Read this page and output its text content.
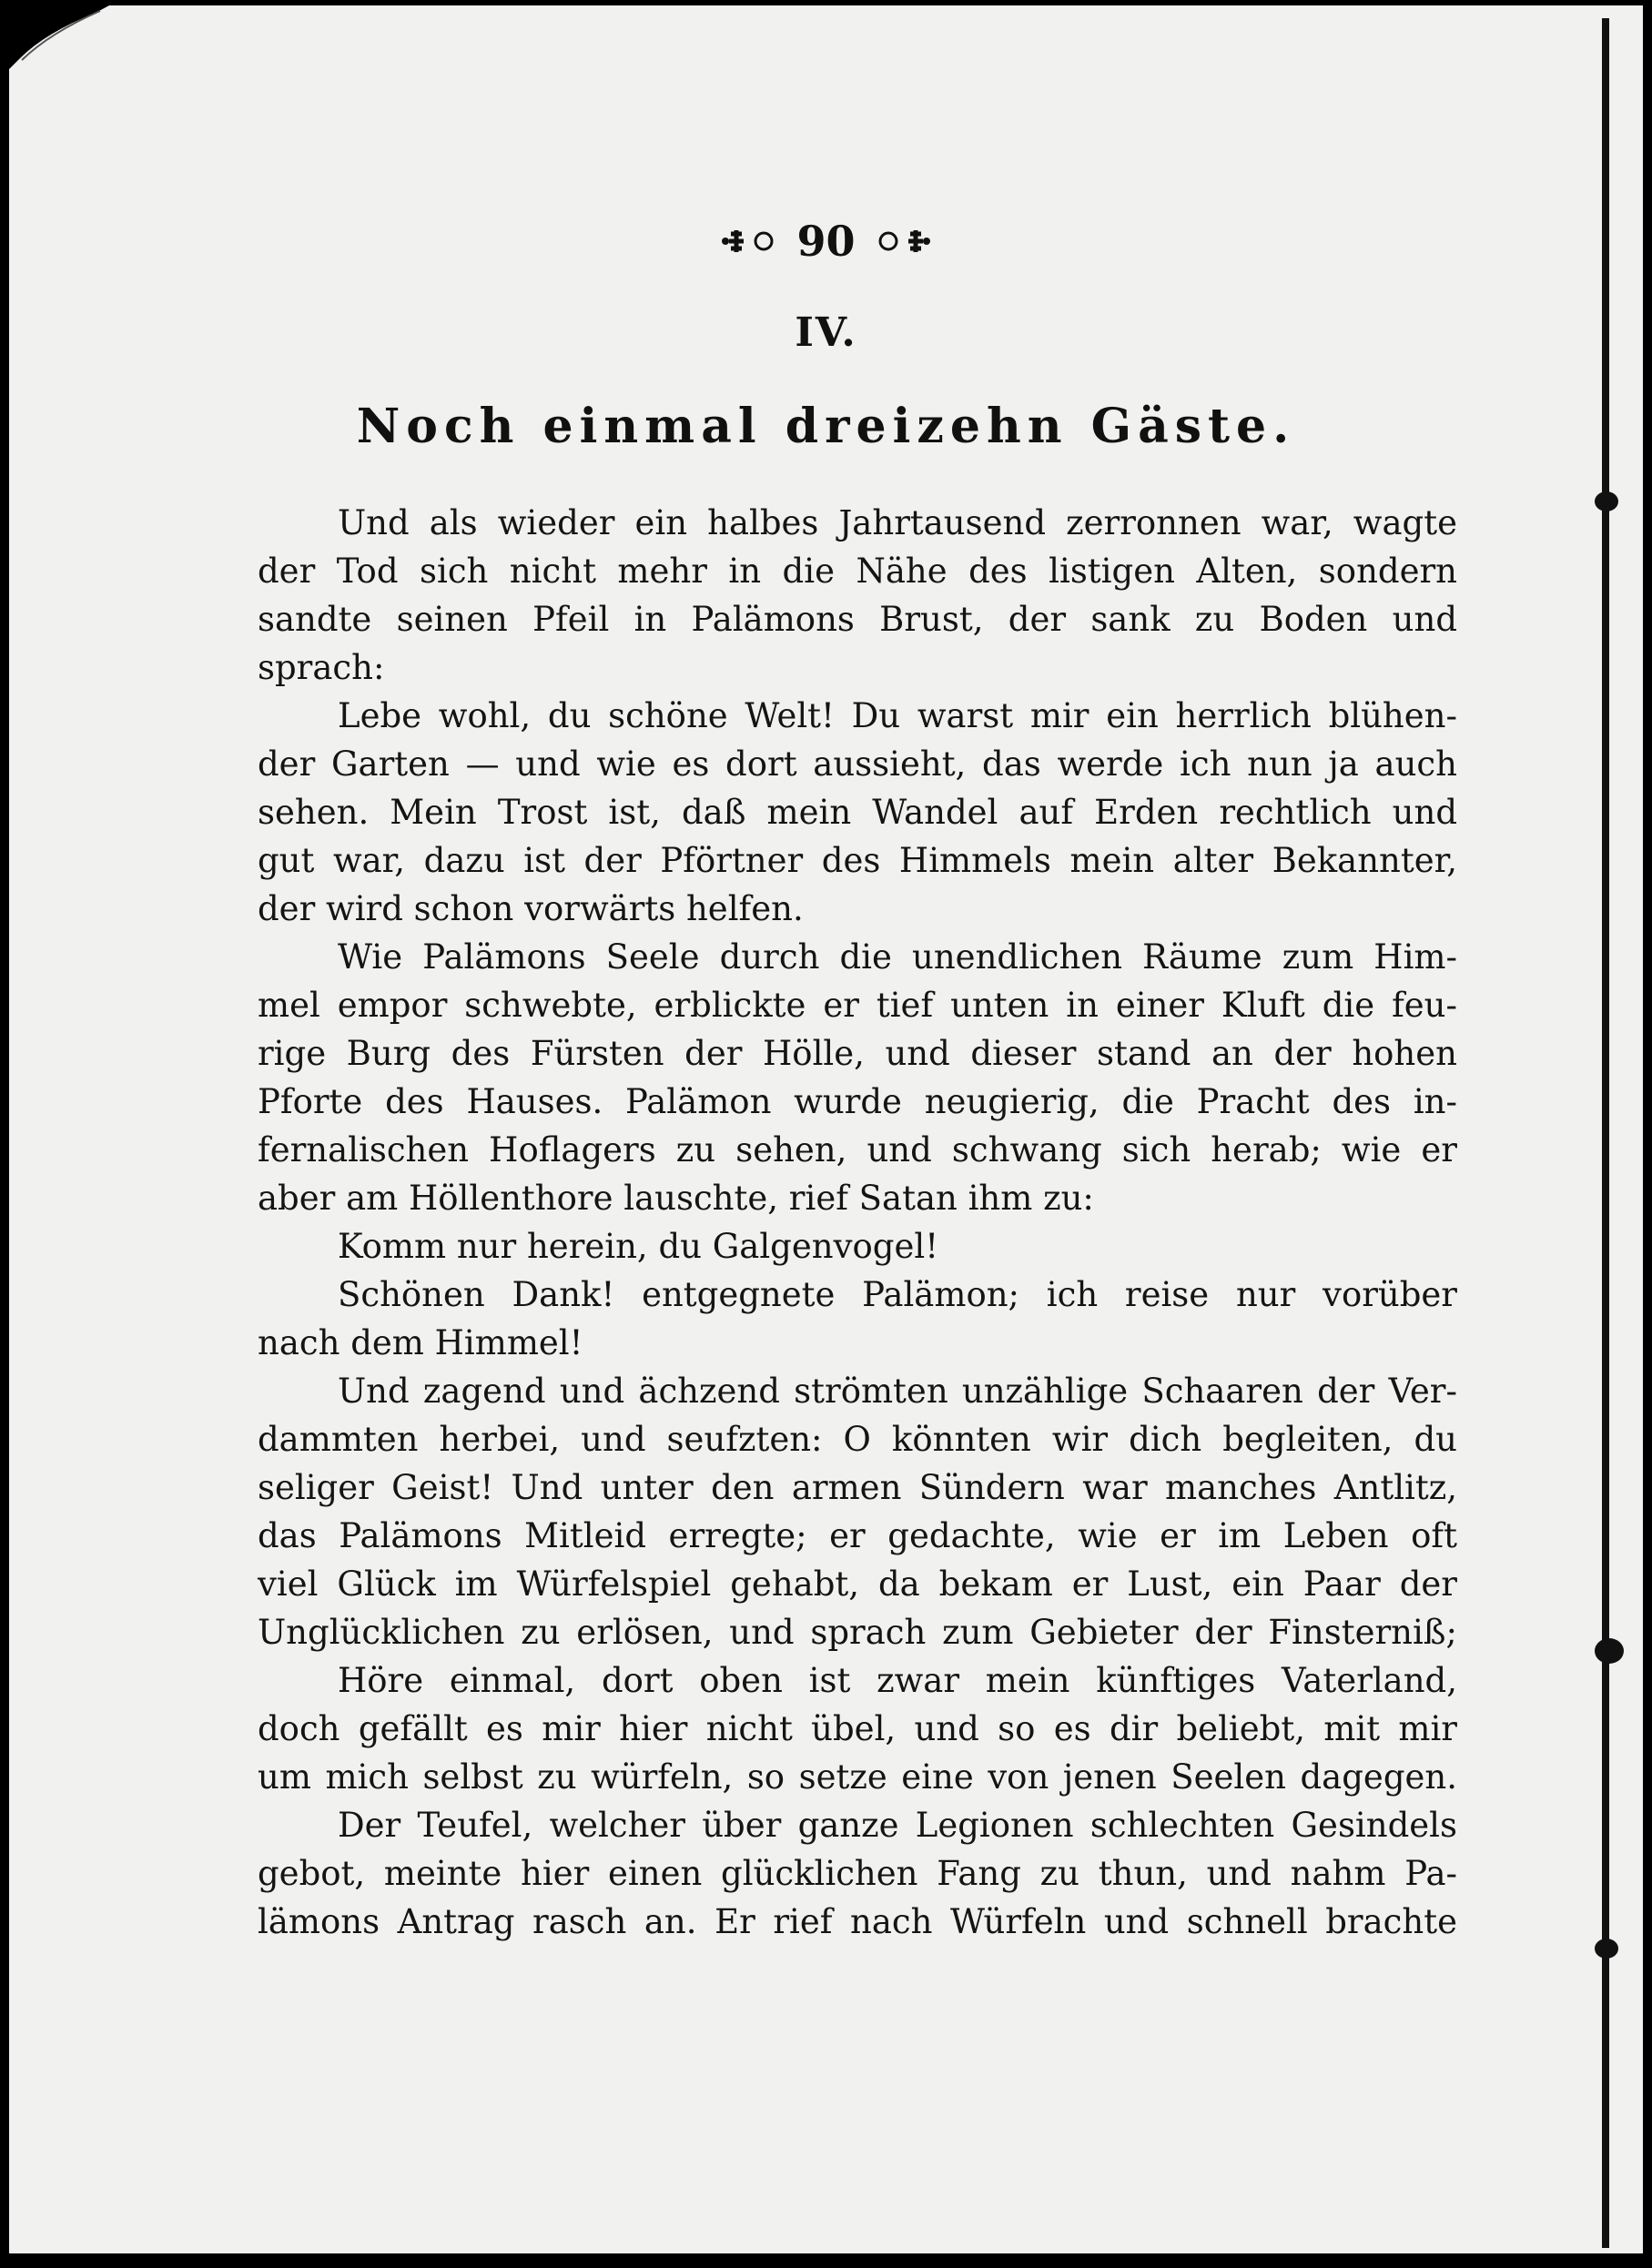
90
IV.
Noch einmal dreizehn Gäste.
Und als wieder ein halbes Jahrtausend zerronnen war, wagte
der Tod sich nicht mehr in die Nähe des listigen Alten, sondern
sandte seinen Pfeil in Palämons Brust, der sank zu Boden und
sprach:
Lebe wohl, du schöne Welt! Du warst mir ein herrlich blühen-
der Garten — und wie es dort aussieht, das werde ich nun ja auch
sehen. Mein Trost ist, daß mein Wandel auf Erden rechtlich und
gut war, dazu ist der Pförtner des Himmels mein alter Bekannter,
der wird schon vorwärts helfen.
Wie Palämons Seele durch die unendlichen Räume zum Him-
mel empor schwebte, erblickte er tief unten in einer Kluft die feu-
rige Burg des Fürsten der Hölle, und dieser stand an der hohen
Pforte des Hauses. Palämon wurde neugierig, die Pracht des in-
fernalischen Hoflagers zu sehen, und schwang sich herab; wie er
aber am Höllenthore lauschte, rief Satan ihm zu:
Komm nur herein, du Galgenvogel!
Schönen Dank! entgegnete Palämon; ich reise nur vorüber
nach dem Himmel!
Und zagend und ächzend strömten unzählige Schaaren der Ver-
dammten herbei, und seufzten: O könnten wir dich begleiten, du
seliger Geist! Und unter den armen Sündern war manches Antlitz,
das Palämons Mitleid erregte; er gedachte, wie er im Leben oft
viel Glück im Würfelspiel gehabt, da bekam er Lust, ein Paar der
Unglücklichen zu erlösen, und sprach zum Gebieter der Finsterniß;
Höre einmal, dort oben ist zwar mein künftiges Vaterland,
doch gefällt es mir hier nicht übel, und so es dir beliebt, mit mir
um mich selbst zu würfeln, so setze eine von jenen Seelen dagegen.
Der Teufel, welcher über ganze Legionen schlechten Gesindels
gebot, meinte hier einen glücklichen Fang zu thun, und nahm Pa-
lämons Antrag rasch an. Er rief nach Würfeln und schnell brachte
